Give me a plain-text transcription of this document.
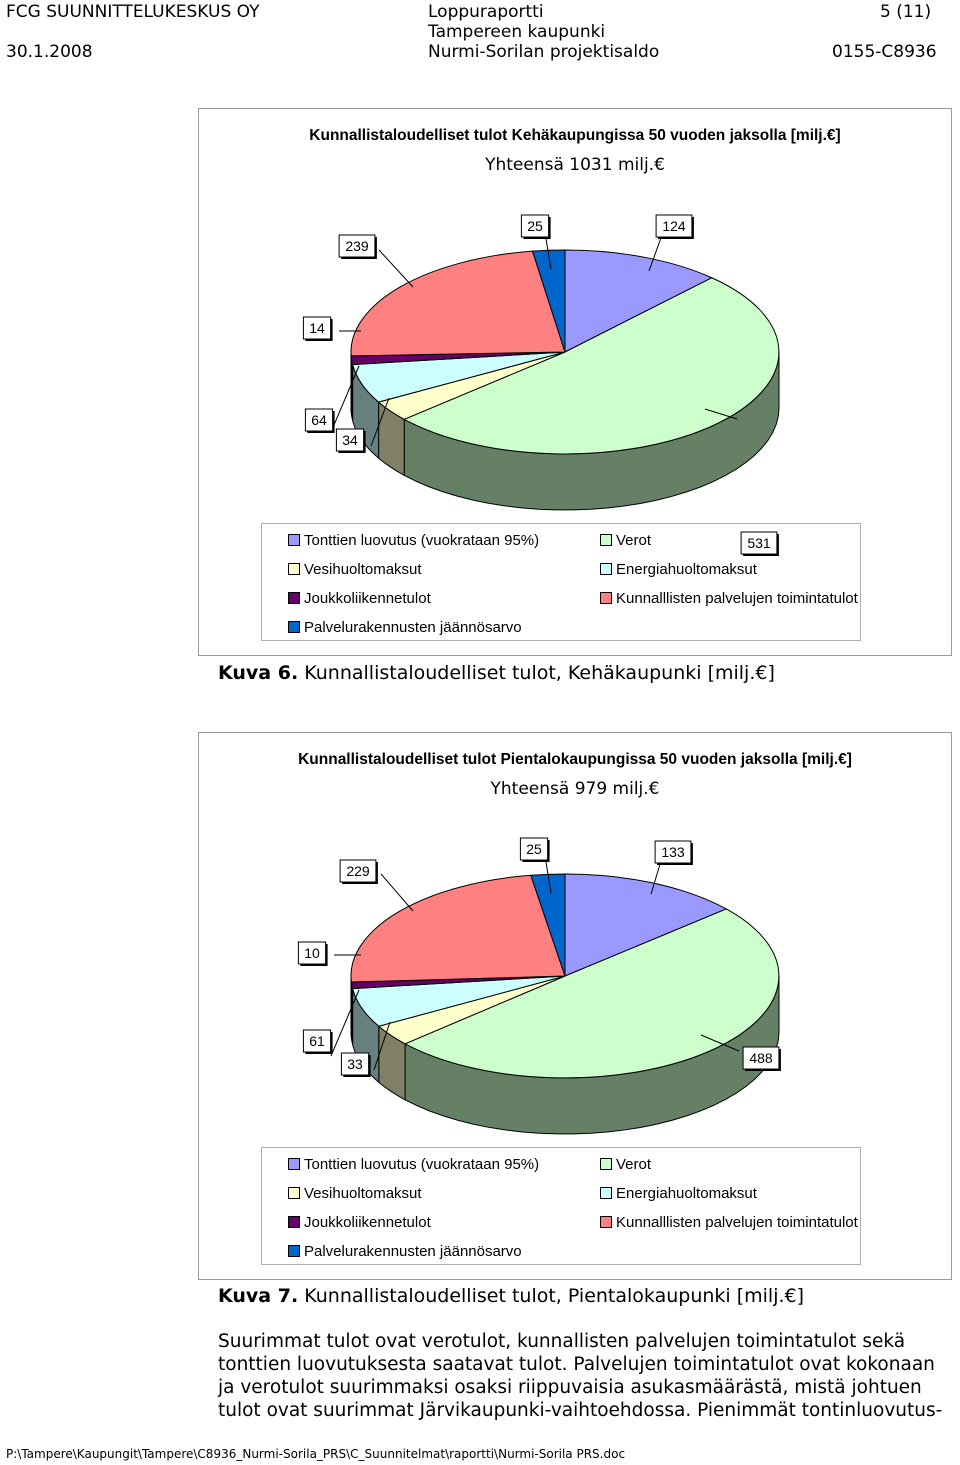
FCG SUUNNITTELUKESKUS OY	Loppuraportti	5 (11)
Tampereen kaupunki
30.1.2008	Nurmi-Sorilan projektisaldo	0155-C8936
Kunnallistaloudelliset tulot Kehäkaupungissa 50 vuoden jaksolla [milj.€]
Yhteensä 1031 milj.€
124
531
34
64
14
239
25
Tonttien luovutus (vuokrataan 95%)	Verot
Vesihuoltomaksut	Energiahuoltomaksut
Joukkoliikennetulot	Kunnalllisten palvelujen toimintatulot
Palvelurakennusten jäännösarvo
Kuva 6. Kunnallistaloudelliset tulot, Kehäkaupunki [milj.€]
Kunnallistaloudelliset tulot Pientalokaupungissa 50 vuoden jaksolla [milj.€]
Yhteensä 979 milj.€
133
488
33
61
10
229
25
Tonttien luovutus (vuokrataan 95%)	Verot
Vesihuoltomaksut	Energiahuoltomaksut
Joukkoliikennetulot	Kunnalllisten palvelujen toimintatulot
Palvelurakennusten jäännösarvo
Kuva 7. Kunnallistaloudelliset tulot, Pientalokaupunki [milj.€]
Suurimmat tulot ovat verotulot, kunnallisten palvelujen toimintatulot sekä
tonttien luovutuksesta saatavat tulot. Palvelujen toimintatulot ovat kokonaan
ja verotulot suurimmaksi osaksi riippuvaisia asukasmäärästä, mistä johtuen
tulot ovat suurimmat Järvikaupunki-vaihtoehdossa. Pienimmät tontinluovutus-
P:\Tampere\Kaupungit\Tampere\C8936_Nurmi-Sorila_PRS\C_Suunnitelmat\raportti\Nurmi-Sorila PRS.doc
